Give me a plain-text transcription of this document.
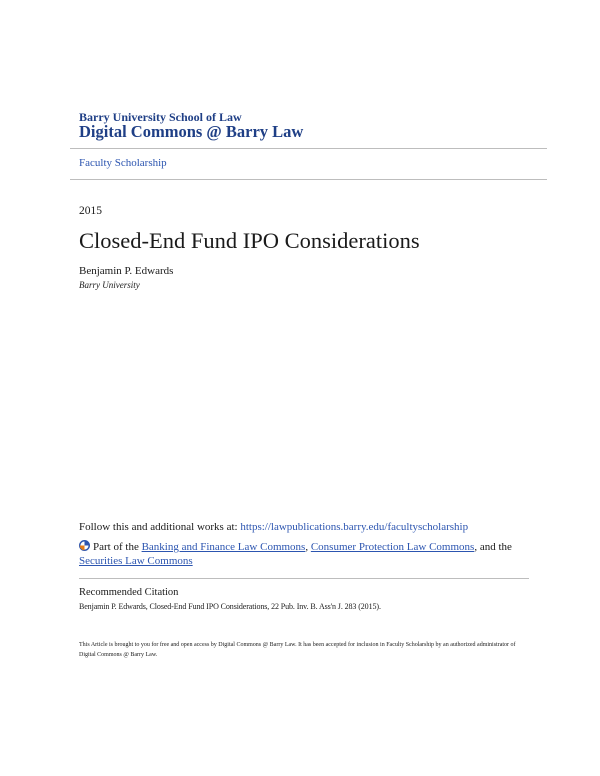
Barry University School of Law
Digital Commons @ Barry Law
Faculty Scholarship
2015
Closed-End Fund IPO Considerations
Benjamin P. Edwards
Barry University
Follow this and additional works at: https://lawpublications.barry.edu/facultyscholarship
Part of the Banking and Finance Law Commons, Consumer Protection Law Commons, and the Securities Law Commons
Recommended Citation
Benjamin P. Edwards, Closed-End Fund IPO Considerations, 22 Pub. Inv. B. Ass'n J. 283 (2015).
This Article is brought to you for free and open access by Digital Commons @ Barry Law. It has been accepted for inclusion in Faculty Scholarship by an authorized administrator of Digital Commons @ Barry Law.
